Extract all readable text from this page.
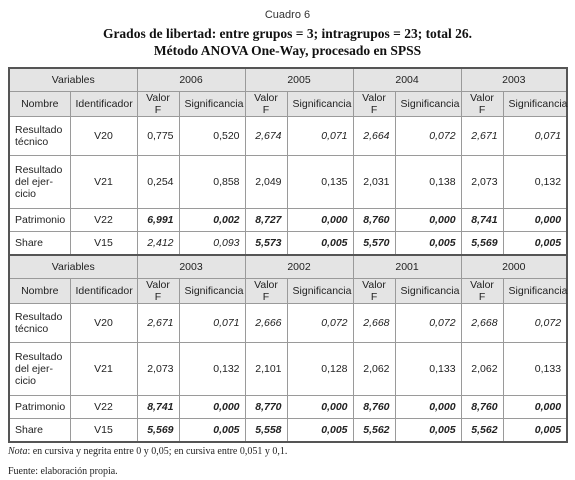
Cuadro 6
Grados de libertad: entre grupos = 3; intragrupos = 23; total 26.
Método ANOVA One-Way, procesado en SPSS
Variables		2006		2005		2004		2003	
Nombre	Identificador	Valor F	Significancia	Valor F	Significancia	Valor F	Significancia	Valor F	Significancia
Resultado técnico	V20	0,775	0,520	2,674	0,071	2,664	0,072	2,671	0,071
Resultado del ejer-cicio	V21	0,254	0,858	2,049	0,135	2,031	0,138	2,073	0,132
Patrimonio	V22	6,991	0,002	8,727	0,000	8,760	0,000	8,741	0,000
Share	V15	2,412	0,093	5,573	0,005	5,570	0,005	5,569	0,005
Variables		2003		2002		2001		2000	
Nombre	Identificador	Valor F	Significancia	Valor F	Significancia	Valor F	Significancia	Valor F	Significancia
Resultado técnico	V20	2,671	0,071	2,666	0,072	2,668	0,072	2,668	0,072
Resultado del ejer-cicio	V21	2,073	0,132	2,101	0,128	2,062	0,133	2,062	0,133
Patrimonio	V22	8,741	0,000	8,770	0,000	8,760	0,000	8,760	0,000
Share	V15	5,569	0,005	5,558	0,005	5,562	0,005	5,562	0,005
Nota: en cursiva y negrita entre 0 y 0,05; en cursiva entre 0,051 y 0,1.
Fuente: elaboración propia.
